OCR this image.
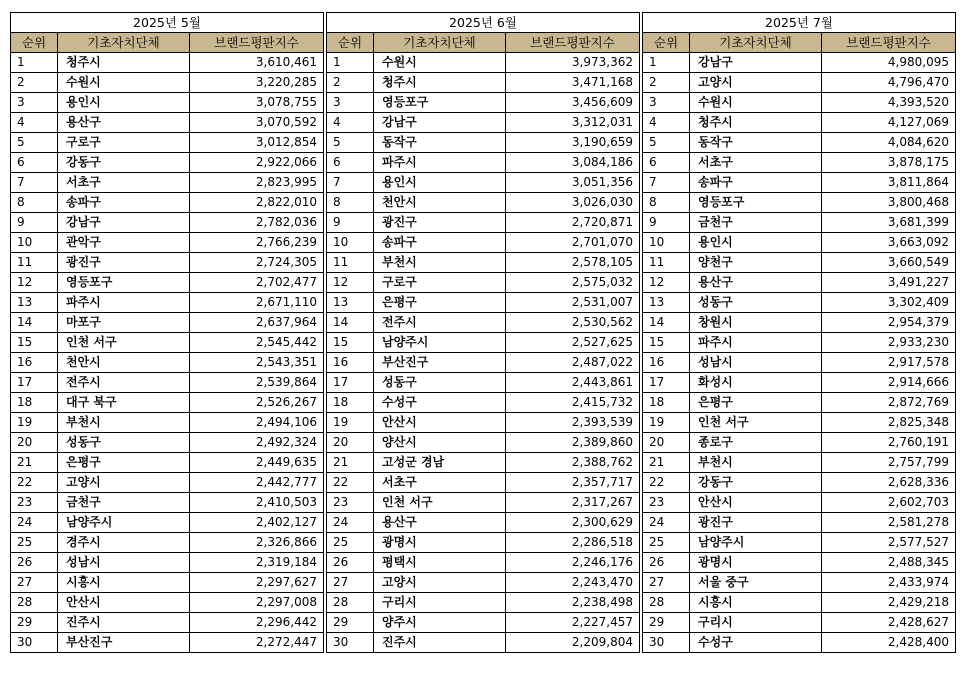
2025년 5월				2025년 6월				2025년 7월		
순위	기초자치단체	브랜드평판지수		순위	기초자치단체	브랜드평판지수		순위	기초자치단체	브랜드평판지수
1	청주시	3,610,461		1	수원시	3,973,362		1	강남구	4,980,095
2	수원시	3,220,285		2	청주시	3,471,168		2	고양시	4,796,470
3	용인시	3,078,755		3	영등포구	3,456,609		3	수원시	4,393,520
4	용산구	3,070,592		4	강남구	3,312,031		4	청주시	4,127,069
5	구로구	3,012,854		5	동작구	3,190,659		5	동작구	4,084,620
6	강동구	2,922,066		6	파주시	3,084,186		6	서초구	3,878,175
7	서초구	2,823,995		7	용인시	3,051,356		7	송파구	3,811,864
8	송파구	2,822,010		8	천안시	3,026,030		8	영등포구	3,800,468
9	강남구	2,782,036		9	광진구	2,720,871		9	금천구	3,681,399
10	관악구	2,766,239		10	송파구	2,701,070		10	용인시	3,663,092
11	광진구	2,724,305		11	부천시	2,578,105		11	양천구	3,660,549
12	영등포구	2,702,477		12	구로구	2,575,032		12	용산구	3,491,227
13	파주시	2,671,110		13	은평구	2,531,007		13	성동구	3,302,409
14	마포구	2,637,964		14	전주시	2,530,562		14	창원시	2,954,379
15	인천 서구	2,545,442		15	남양주시	2,527,625		15	파주시	2,933,230
16	천안시	2,543,351		16	부산진구	2,487,022		16	성남시	2,917,578
17	전주시	2,539,864		17	성동구	2,443,861		17	화성시	2,914,666
18	대구 북구	2,526,267		18	수성구	2,415,732		18	은평구	2,872,769
19	부천시	2,494,106		19	안산시	2,393,539		19	인천 서구	2,825,348
20	성동구	2,492,324		20	양산시	2,389,860		20	종로구	2,760,191
21	은평구	2,449,635		21	고성군 경남	2,388,762		21	부천시	2,757,799
22	고양시	2,442,777		22	서초구	2,357,717		22	강동구	2,628,336
23	금천구	2,410,503		23	인천 서구	2,317,267		23	안산시	2,602,703
24	남양주시	2,402,127		24	용산구	2,300,629		24	광진구	2,581,278
25	경주시	2,326,866		25	광명시	2,286,518		25	남양주시	2,577,527
26	성남시	2,319,184		26	평택시	2,246,176		26	광명시	2,488,345
27	시흥시	2,297,627		27	고양시	2,243,470		27	서울 중구	2,433,974
28	안산시	2,297,008		28	구리시	2,238,498		28	시흥시	2,429,218
29	진주시	2,296,442		29	양주시	2,227,457		29	구리시	2,428,627
30	부산진구	2,272,447		30	진주시	2,209,804		30	수성구	2,428,400
